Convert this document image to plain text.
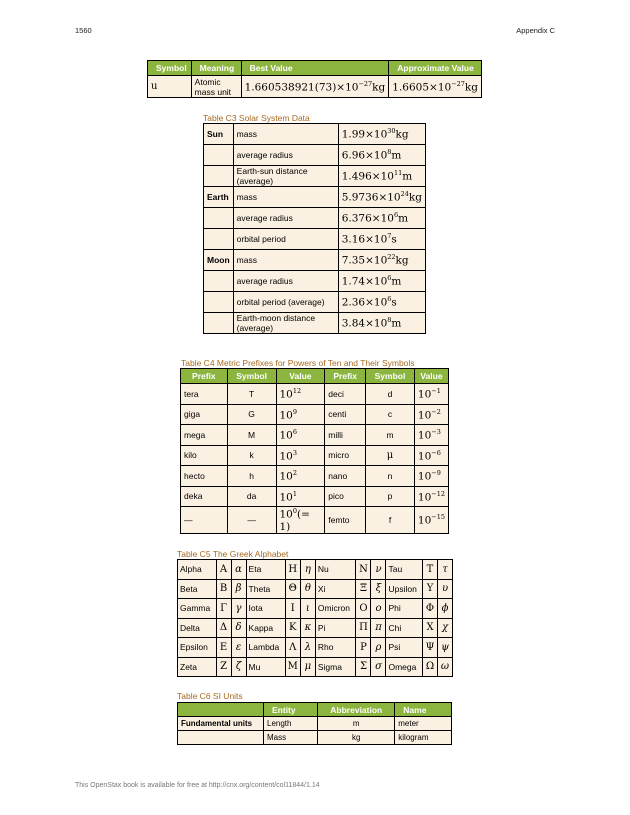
1560	Appendix C
Symbol	Meaning	Best Value	Approximate Value
u	Atomic mass unit	$1.660538921(73)\times 10^{-27}kg$	$1.6605\times 10^{-27}kg$
Table C3 Solar System Data
Sun	mass	$1.99\times 10^{30}kg$
	average radius	$6.96\times 10^8m$
	Earth-sun distance (average)	$1.496\times 10^{11}m$
Earth	mass	$5.9736\times 10^{24}kg$
	average radius	$6.376\times 10^6m$
	orbital period	$3.16\times 10^7s$
Moon	mass	$7.35\times 10^{22}kg$
	average radius	$1.74\times 10^6m$
	orbital period (average)	$2.36\times 10^6s$
	Earth-moon distance (average)	$3.84\times 10^8m$
Table C4 Metric Prefixes for Powers of Ten and Their Symbols
Prefix	Symbol	Value	Prefix	Symbol	Value
tera	T	$10^{12}$	deci	d	$10^{-1}$
giga	G	$10^9$	centi	c	$10^{-2}$
mega	M	$10^6$	milli	m	$10^{-3}$
kilo	k	$10^3$	micro	μ	$10^{-6}$
hecto	h	$10^2$	nano	n	$10^{-9}$
deka	da	$10^1$	pico	p	$10^{-12}$
—	—	$10^0(= 1)$	femto	f	$10^{-15}$
Table C5 The Greek Alphabet
Alpha	Α	α	Eta	Η	η	Nu	Ν	ν	Tau	Τ	τ
Beta	Β	β	Theta	Θ	θ	Xi	Ξ	ξ	Upsilon	Υ	υ
Gamma	Γ	γ	Iota	Ι	ι	Omicron	Ο	ο	Phi	Φ	ϕ
Delta	Δ	δ	Kappa	Κ	κ	Pi	Π	π	Chi	Χ	χ
Epsilon	Ε	ε	Lambda	Λ	λ	Rho	Ρ	ρ	Psi	Ψ	ψ
Zeta	Ζ	ζ	Mu	Μ	μ	Sigma	Σ	σ	Omega	Ω	ω
Table C6 SI Units
	Entity	Abbreviation	Name
Fundamental units	Length	m	meter
	Mass	kg	kilogram
This OpenStax book is available for free at http://cnx.org/content/col11844/1.14
